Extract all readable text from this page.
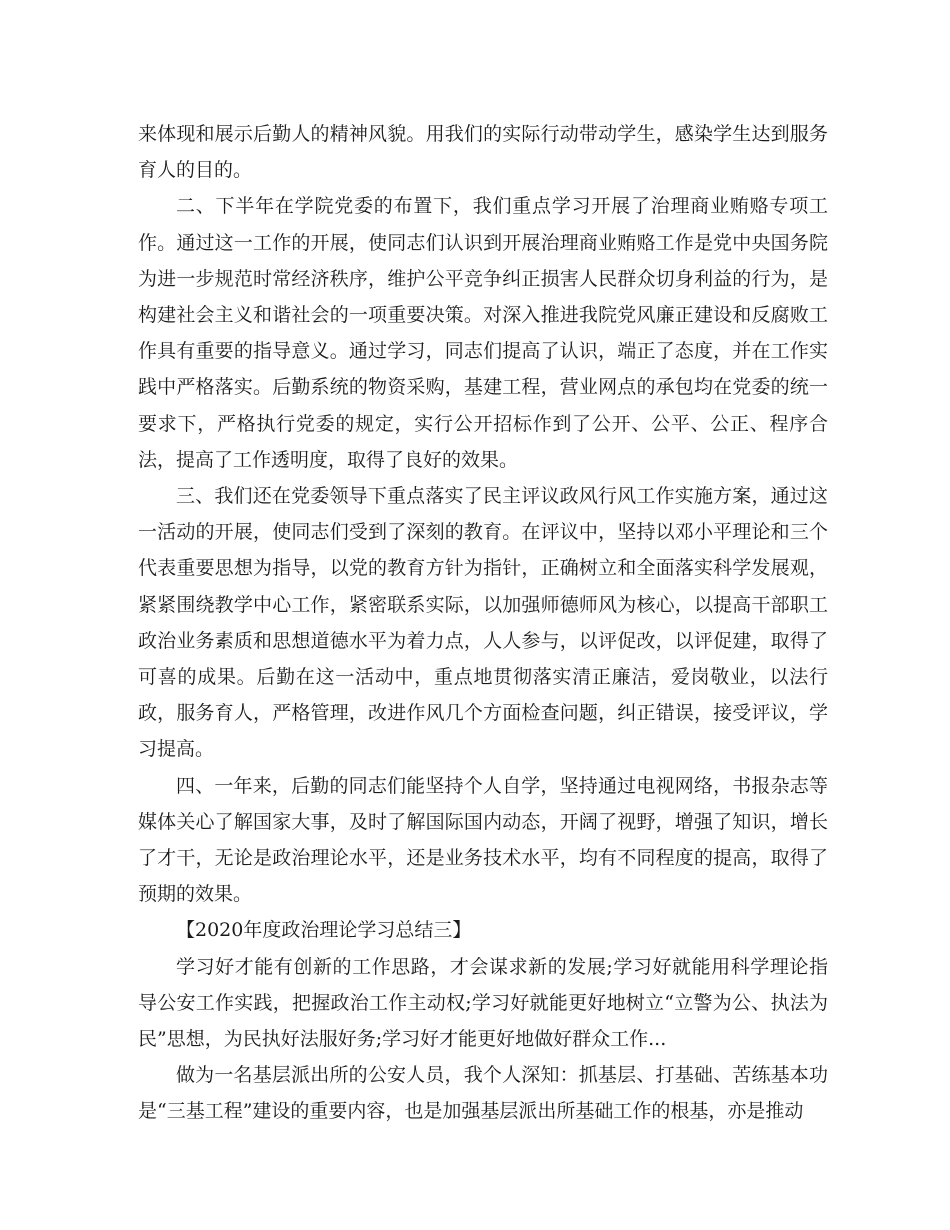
来体现和展示后勤人的精神风貌。用我们的实际行动带动学生，感染学生达到服务育人的目的。

二、下半年在学院党委的布置下，我们重点学习开展了治理商业贿赂专项工作。通过这一工作的开展，使同志们认识到开展治理商业贿赂工作是党中央国务院为进一步规范时常经济秩序，维护公平竞争纠正损害人民群众切身利益的行为，是构建社会主义和谐社会的一项重要决策。对深入推进我院党风廉正建设和反腐败工作具有重要的指导意义。通过学习，同志们提高了认识，端正了态度，并在工作实践中严格落实。后勤系统的物资采购，基建工程，营业网点的承包均在党委的统一要求下，严格执行党委的规定，实行公开招标作到了公开、公平、公正、程序合法，提高了工作透明度，取得了良好的效果。

三、我们还在党委领导下重点落实了民主评议政风行风工作实施方案，通过这一活动的开展，使同志们受到了深刻的教育。在评议中，坚持以邓小平理论和三个代表重要思想为指导，以党的教育方针为指针，正确树立和全面落实科学发展观，紧紧围绕教学中心工作，紧密联系实际，以加强师德师风为核心，以提高干部职工政治业务素质和思想道德水平为着力点，人人参与，以评促改，以评促建，取得了可喜的成果。后勤在这一活动中，重点地贯彻落实清正廉洁，爱岗敬业，以法行政，服务育人，严格管理，改进作风几个方面检查问题，纠正错误，接受评议，学习提高。

四、一年来，后勤的同志们能坚持个人自学，坚持通过电视网络，书报杂志等媒体关心了解国家大事，及时了解国际国内动态，开阔了视野，增强了知识，增长了才干，无论是政治理论水平，还是业务技术水平，均有不同程度的提高，取得了预期的效果。

【2020年度政治理论学习总结三】

学习好才能有创新的工作思路，才会谋求新的发展;学习好就能用科学理论指导公安工作实践，把握政治工作主动权;学习好就能更好地树立“立警为公、执法为民”思想，为民执好法服好务;学习好才能更好地做好群众工作...

做为一名基层派出所的公安人员，我个人深知：抓基层、打基础、苦练基本功是“三基工程”建设的重要内容，也是加强基层派出所基础工作的根基，亦是推动
